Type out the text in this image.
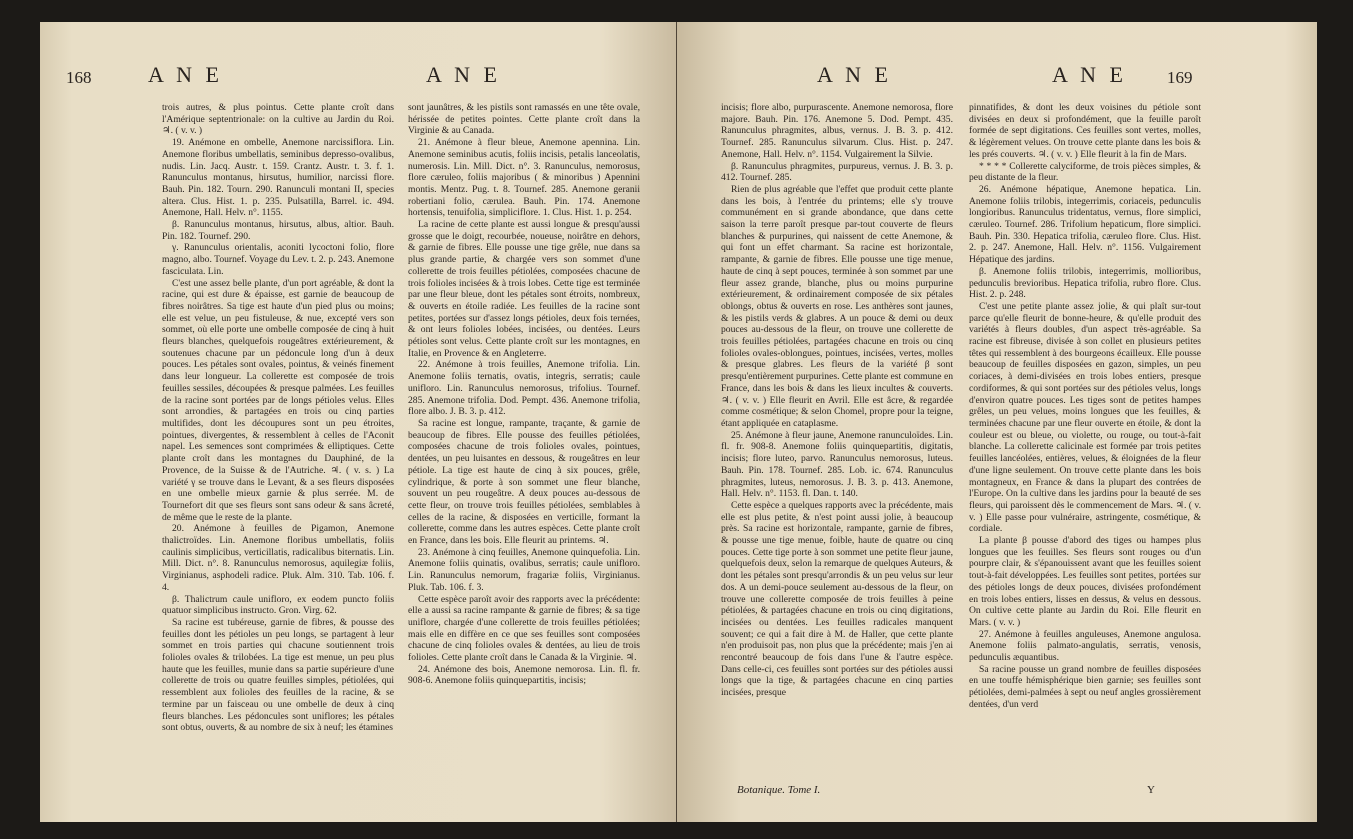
168	A N E	A N E

trois autres, & plus pointus. Cette plante croît dans l'Amérique septentrionale: on la cultive au Jardin du Roi. ♃. ( v. v. )

19. Anémone en ombelle, Anemone narcissiflora. Lin. Anemone floribus umbellatis, seminibus depresso-ovalibus, nudis. Lin. Jacq. Austr. t. 159. Crantz. Austr. t. 3. f. 1. Ranunculus montanus, hirsutus, humilior, narcissi flore. Bauh. Pin. 182. Tourn. 290. Ranunculi montani II, species altera. Clus. Hist. 1. p. 235. Pulsatilla, Barrel. ic. 494. Anemone, Hall. Helv. n°. 1155.

β. Ranunculus montanus, hirsutus, albus, altior. Bauh. Pin. 182. Tournef. 290.

γ. Ranunculus orientalis, aconiti lycoctoni folio, flore magno, albo. Tournef. Voyage du Lev. t. 2. p. 243. Anemone fasciculata. Lin.

C'est une assez belle plante, d'un port agréable, & dont la racine, qui est dure & épaisse, est garnie de beaucoup de fibres noirâtres. Sa tige est haute d'un pied plus ou moins; elle est velue, un peu fistuleuse, & nue, excepté vers son sommet, où elle porte une ombelle composée de cinq à huit fleurs blanches, quelquefois rougeâtres extérieurement, & soutenues chacune par un pédoncule long d'un à deux pouces. Les pétales sont ovales, pointus, & veinés finement dans leur longueur. La collerette est composée de trois feuilles sessiles, découpées & presque palmées. Les feuilles de la racine sont portées par de longs pétioles velus. Elles sont arrondies, & partagées en trois ou cinq parties multifides, dont les découpures sont un peu étroites, pointues, divergentes, & ressemblent à celles de l'Aconit napel. Les semences sont comprimées & elliptiques. Cette plante croît dans les montagnes du Dauphiné, de la Provence, de la Suisse & de l'Autriche. ♃. ( v. s. ) La variété γ se trouve dans le Levant, & a ses fleurs disposées en une ombelle mieux garnie & plus serrée. M. de Tournefort dit que ses fleurs sont sans odeur & sans âcreté, de même que le reste de la plante.

20. Anémone à feuilles de Pigamon, Anemone thalictroïdes. Lin. Anemone floribus umbellatis, foliis caulinis simplicibus, verticillatis, radicalibus biternatis. Lin. Mill. Dict. n°. 8. Ranunculus nemorosus, aquilegiæ foliis, Virginianus, asphodeli radice. Pluk. Alm. 310. Tab. 106. f. 4.

β. Thalictrum caule unifloro, ex eodem puncto foliis quatuor simplicibus instructo. Gron. Virg. 62.

Sa racine est tubéreuse, garnie de fibres, & pousse des feuilles dont les pétioles un peu longs, se partagent à leur sommet en trois parties qui chacune soutiennent trois folioles ovales & trilobées. La tige est menue, un peu plus haute que les feuilles, munie dans sa partie supérieure d'une collerette de trois ou quatre feuilles simples, pétiolées, qui ressemblent aux folioles des feuilles de la racine, & se termine par un faisceau ou une ombelle de deux à cinq fleurs blanches. Les pédoncules sont uniflores; les pétales sont obtus, ouverts, & au nombre de six à neuf; les étamines

sont jaunâtres, & les pistils sont ramassés en une tête ovale, hérissée de petites pointes. Cette plante croît dans la Virginie & au Canada.

21. Anémone à fleur bleue, Anemone apennina. Lin. Anemone seminibus acutis, foliis incisis, petalis lanceolatis, numerosis. Lin. Mill. Dict. n°. 3. Ranunculus, nemorosus, flore cæruleo, foliis majoribus ( & minoribus ) Apennini montis. Mentz. Pug. t. 8. Tournef. 285. Anemone geranii robertiani folio, cærulea. Bauh. Pin. 174. Anemone hortensis, tenuifolia, simpliciflore. 1. Clus. Hist. 1. p. 254.

La racine de cette plante est aussi longue & presqu'aussi grosse que le doigt, recourbée, noueuse, noirâtre en dehors, & garnie de fibres. Elle pousse une tige grêle, nue dans sa plus grande partie, & chargée vers son sommet d'une collerette de trois feuilles pétiolées, composées chacune de trois folioles incisées & à trois lobes. Cette tige est terminée par une fleur bleue, dont les pétales sont étroits, nombreux, & ouverts en étoile radiée. Les feuilles de la racine sont petites, portées sur d'assez longs pétioles, deux fois ternées, & ont leurs folioles lobées, incisées, ou dentées. Leurs pétioles sont velus. Cette plante croît sur les montagnes, en Italie, en Provence & en Angleterre.

22. Anémone à trois feuilles, Anemone trifolia. Lin. Anemone foliis ternatis, ovatis, integris, serratis; caule unifloro. Lin. Ranunculus nemorosus, trifolius. Tournef. 285. Anemone trifolia. Dod. Pempt. 436. Anemone trifolia, flore albo. J. B. 3. p. 412.

Sa racine est longue, rampante, traçante, & garnie de beaucoup de fibres. Elle pousse des feuilles pétiolées, composées chacune de trois folioles ovales, pointues, dentées, un peu luisantes en dessous, & rougeâtres en leur pétiole. La tige est haute de cinq à six pouces, grêle, cylindrique, & porte à son sommet une fleur blanche, souvent un peu rougeâtre. A deux pouces au-dessous de cette fleur, on trouve trois feuilles pétiolées, semblables à celles de la racine, & disposées en verticille, formant la collerette, comme dans les autres espèces. Cette plante croît en France, dans les bois. Elle fleurit au printems. ♃.

23. Anémone à cinq feuilles, Anemone quinquefolia. Lin. Anemone foliis quinatis, ovalibus, serratis; caule unifloro. Lin. Ranunculus nemorum, fragariæ foliis, Virginianus. Pluk. Tab. 106. f. 3.

Cette espèce paroît avoir des rapports avec la précédente: elle a aussi sa racine rampante & garnie de fibres; & sa tige uniflore, chargée d'une collerette de trois feuilles pétiolées; mais elle en diffère en ce que ses feuilles sont composées chacune de cinq folioles ovales & dentées, au lieu de trois folioles. Cette plante croît dans le Canada & la Virginie. ♃.

24. Anémone des bois, Anemone nemorosa. Lin. fl. fr. 908-6. Anemone foliis quinquepartitis, incisis;

A N E	A N E 169

incisis; flore albo, purpurascente. Anemone nemorosa, flore majore. Bauh. Pin. 176. Anemone 5. Dod. Pempt. 435. Ranunculus phragmites, albus, vernus. J. B. 3. p. 412. Tournef. 285. Ranunculus silvarum. Clus. Hist. p. 247. Anemone, Hall. Helv. n°. 1154. Vulgairement la Silvie.

β. Ranunculus phragmites, purpureus, vernus. J. B. 3. p. 412. Tournef. 285.

Rien de plus agréable que l'effet que produit cette plante dans les bois, à l'entrée du printems; elle s'y trouve communément en si grande abondance, que dans cette saison la terre paroît presque par-tout couverte de fleurs blanches & purpurines, qui naissent de cette Anemone, & qui font un effet charmant. Sa racine est horizontale, rampante, & garnie de fibres. Elle pousse une tige menue, haute de cinq à sept pouces, terminée à son sommet par une fleur assez grande, blanche, plus ou moins purpurine extérieurement, & ordinairement composée de six pétales oblongs, obtus & ouverts en rose. Les anthères sont jaunes, & les pistils verds & glabres. A un pouce & demi ou deux pouces au-dessous de la fleur, on trouve une collerette de trois feuilles pétiolées, partagées chacune en trois ou cinq folioles ovales-oblongues, pointues, incisées, vertes, molles & presque glabres. Les fleurs de la variété β sont presqu'entièrement purpurines. Cette plante est commune en France, dans les bois & dans les lieux incultes & couverts. ♃. ( v. v. ) Elle fleurit en Avril. Elle est âcre, & regardée comme cosmétique; & selon Chomel, propre pour la teigne, étant appliquée en cataplasme.

25. Anémone à fleur jaune, Anemone ranunculoïdes. Lin. fl. fr. 908-8. Anemone foliis quinquepartitis, digitatis, incisis; flore luteo, parvo. Ranunculus nemorosus, luteus. Bauh. Pin. 178. Tournef. 285. Lob. ic. 674. Ranunculus phragmites, luteus, nemorosus. J. B. 3. p. 413. Anemone, Hall. Helv. n°. 1153. fl. Dan. t. 140.

Cette espèce a quelques rapports avec la précédente, mais elle est plus petite, & n'est point aussi jolie, à beaucoup près. Sa racine est horizontale, rampante, garnie de fibres, & pousse une tige menue, foible, haute de quatre ou cinq pouces. Cette tige porte à son sommet une petite fleur jaune, quelquefois deux, selon la remarque de quelques Auteurs, & dont les pétales sont presqu'arrondis & un peu velus sur leur dos. A un demi-pouce seulement au-dessous de la fleur, on trouve une collerette composée de trois feuilles à peine pétiolées, & partagées chacune en trois ou cinq digitations, incisées ou dentées. Les feuilles radicales manquent souvent; ce qui a fait dire à M. de Haller, que cette plante n'en produisoit pas, non plus que la précédente; mais j'en ai rencontré beaucoup de fois dans l'une & l'autre espèce. Dans celle-ci, ces feuilles sont portées sur des pétioles aussi longs que la tige, & partagées chacune en cinq parties incisées, presque

pinnatifides, & dont les deux voisines du pétiole sont divisées en deux si profondément, que la feuille paroît formée de sept digitations. Ces feuilles sont vertes, molles, & légèrement velues. On trouve cette plante dans les bois & les prés couverts. ♃. ( v. v. ) Elle fleurit à la fin de Mars.

* * * * Collerette calyciforme, de trois pièces simples, & peu distante de la fleur.

26. Anémone hépatique, Anemone hepatica. Lin. Anemone foliis trilobis, integerrimis, coriaceis, pedunculis longioribus. Ranunculus tridentatus, vernus, flore simplici, cæruleo. Tournef. 286. Trifolium hepaticum, flore simplici. Bauh. Pin. 330. Hepatica trifolia, cæruleo flore. Clus. Hist. 2. p. 247. Anemone, Hall. Helv. n°. 1156. Vulgairement Hépatique des jardins.

β. Anemone foliis trilobis, integerrimis, mollioribus, pedunculis brevioribus. Hepatica trifolia, rubro flore. Clus. Hist. 2. p. 248.

C'est une petite plante assez jolie, & qui plaît sur-tout parce qu'elle fleurit de bonne-heure, & qu'elle produit des variétés à fleurs doubles, d'un aspect très-agréable. Sa racine est fibreuse, divisée à son collet en plusieurs petites têtes qui ressemblent à des bourgeons écailleux. Elle pousse beaucoup de feuilles disposées en gazon, simples, un peu coriaces, à demi-divisées en trois lobes entiers, presque cordiformes, & qui sont portées sur des pétioles velus, longs d'environ quatre pouces. Les tiges sont de petites hampes grêles, un peu velues, moins longues que les feuilles, & terminées chacune par une fleur ouverte en étoile, & dont la couleur est ou bleue, ou violette, ou rouge, ou tout-à-fait blanche. La collerette calicinale est formée par trois petites feuilles lancéolées, entières, velues, & éloignées de la fleur d'une ligne seulement. On trouve cette plante dans les bois montagneux, en France & dans la plupart des contrées de l'Europe. On la cultive dans les jardins pour la beauté de ses fleurs, qui paroissent dès le commencement de Mars. ♃. ( v. v. ) Elle passe pour vulnéraire, astringente, cosmétique, & cordiale.

La plante β pousse d'abord des tiges ou hampes plus longues que les feuilles. Ses fleurs sont rouges ou d'un pourpre clair, & s'épanouissent avant que les feuilles soient tout-à-fait développées. Les feuilles sont petites, portées sur des pétioles longs de deux pouces, divisées profondément en trois lobes entiers, lisses en dessus, & velus en dessous. On cultive cette plante au Jardin du Roi. Elle fleurit en Mars. ( v. v. )

27. Anémone à feuilles anguleuses, Anemone angulosa. Anemone foliis palmato-angulatis, serratis, venosis, pedunculis æquantibus.

Sa racine pousse un grand nombre de feuilles disposées en une touffe hémisphérique bien garnie; ses feuilles sont pétiolées, demi-palmées à sept ou neuf angles grossièrement dentées, d'un verd

Botanique. Tome I.	Y
